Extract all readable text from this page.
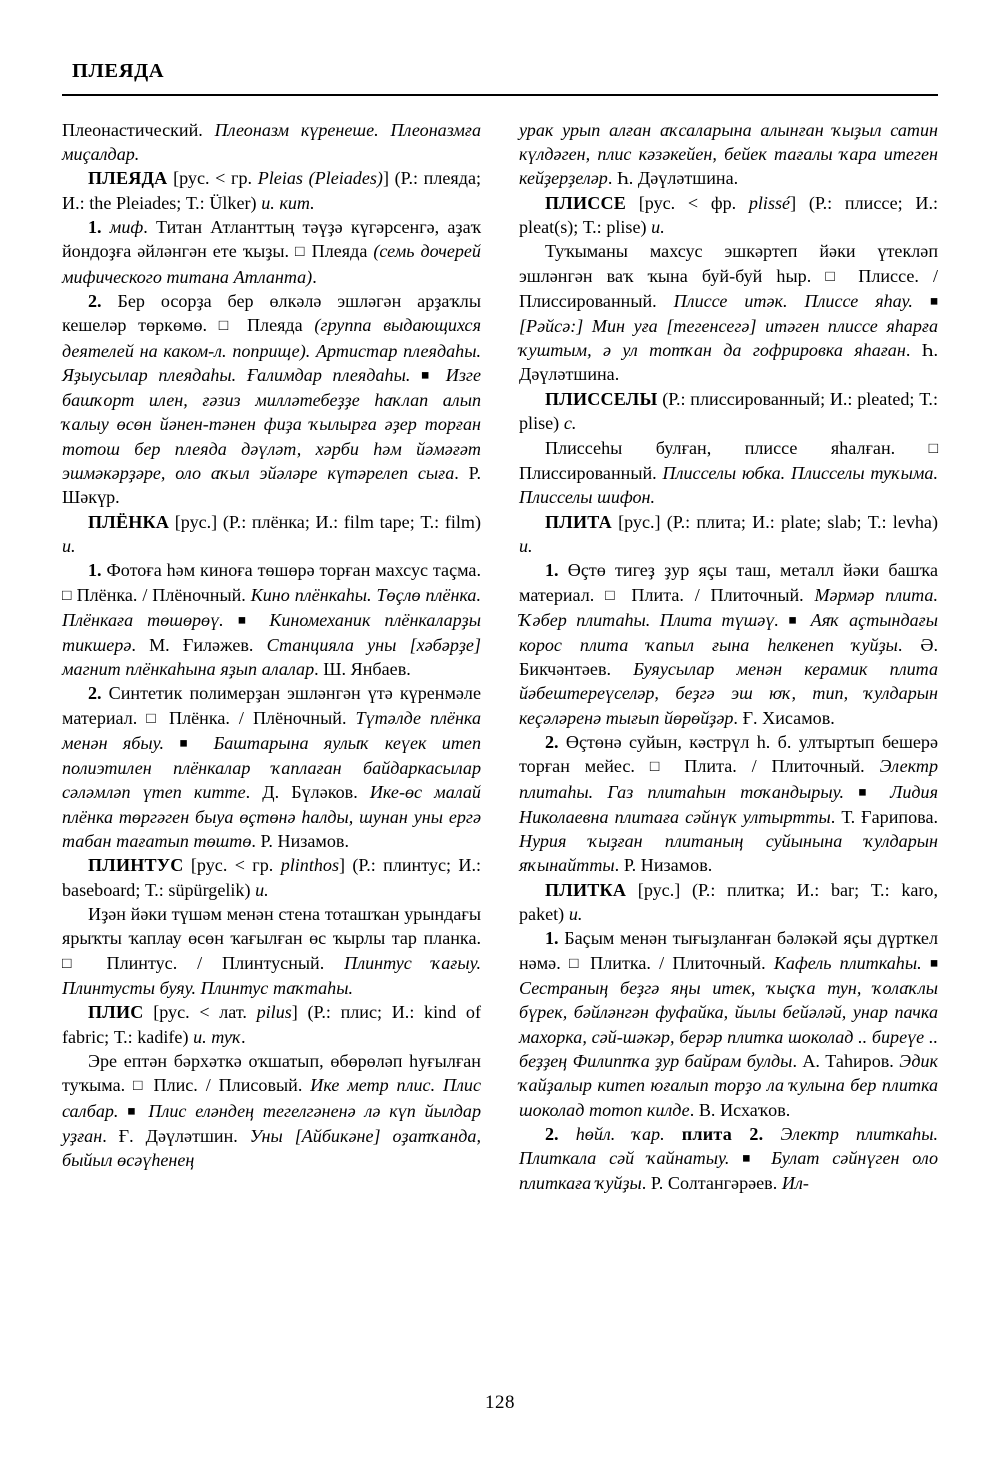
ПЛЕЯДА

Плеонастический. Плеоназм күренеше. Плеоназмға миçалдар.

ПЛЕЯДА [рус. < гр. Pleias (Pleiades)] (Р.: плеяда; И.: the Pleiades; Т.: Ülker) и. кит.

1. миф. Титан Атланттың тәүҙә күгәрсенгә, аҙаҡ йондоҙға әйләнгән ете ҡыҙы. □ Плеяда (семь дочерей мифического титана Атланта).

2. Бер осорҙа бер өлкәлә эшләгән арҙаҡлы кешеләр төркөмө. □ Плеяда (группа выдающихся деятелей на каком-л. поприще). Артистар плеядаһы. Яҙыусылар плеядаһы. Ғалимдар плеядаһы. ■ Изге башҡорт илен, ғәзиз милләтебеҙҙе һаҡлап алып ҡалыу өсөн йәнен-тәнен фиҙа ҡылырға әҙер торған тотош бер плеяда дәүләт, хәрби һәм йәмәғәт эшмәкәрҙәре, оло аҡыл эйәләре күтәрелеп сыға. Р. Шәкүр.

ПЛЁНКА [рус.] (Р.: плёнка; И.: film tape; Т.: film) и.

1. Фотоға һәм киноға төшөрә торған махсус таçма. □ Плёнка. / Плёночный. Кино плёнкаһы. Төçлө плёнка. Плёнкаға төшөрөү. ■ Киномеханик плёнкаларҙы тикшерә. М. Ғиләжев. Станцияла уны [хәбәрҙе] магнит плёнкаһына яҙып алалар. Ш. Янбаев.

2. Синтетик полимерҙан эшләнгән үтә күренмәле материал. □ Плёнка. / Плёночный. Түтәлде плёнка менән ябыу. ■ Баштарына яулыҡ кеүек итеп полиэтилен плёнкалар ҡаплаған байдаркасылар сәләмләп үтеп китте. Д. Бүләков. Ике-өс малай плёнка төргәген быуа өçтөнә һалды, шунан уны ергә табан тағатып төштө. Р. Низамов.

ПЛИНТУС [рус. < гр. plinthos] (Р.: плинтус; И.: baseboard; Т.: süpürgelik) и.

Иҙән йәки түшәм менән стена тоташҡан урындағы ярыҡты ҡаплау өсөн ҡағылған өс ҡырлы тар планка. □ Плинтус. / Плинтусный. Плинтус ҡағыу. Плинтусты буяу. Плинтус таҡтаһы.

ПЛИС [рус. < лат. pilus] (Р.: плис; И.: kind of fabric; Т.: kadife) и. туҡ.

Эре ептән бәрхәткә оҡшатып, өбөрөләп һуғылған туҡыма. □ Плис. / Плисовый. Ике метр плис. Плис салбар. ■ Плис еләндең тегелгәненә лә күп йылдар уҙған. Ғ. Дәүләтшин. Уны [Айбикәне] оҙатҡанда, быйыл өсәүһенең

урак урып алған аҡсаларына алынған ҡыҙыл сатин күлдәген, плис кәзәкейен, бейек тағалы ҡара итеген кейҙерҙеләр. Һ. Дәүләтшина.

ПЛИССЕ [рус. < фр. plissé] (Р.: плиссе; И.: pleat(s); Т.: plise) и.

Туҡыманы махсус эшкәртеп йәки үтекләп эшләнгән ваҡ ҡына буй-буй һыр. □ Плиссе. / Плиссированный. Плиссе итәк. Плиссе яһау. ■ [Рәйсә:] Мин уға [тегенсегә] итәген плиссе яһарға ҡуштым, ә ул тотҡан да гофрировка яһаған. Һ. Дәүләтшина.

ПЛИССЕЛЫ (Р.: плиссированный; И.: pleated; Т.: plise) с.

Плиссеһы булған, плиссе яһалған. □ Плиссированный. Плисселы юбка. Плисселы туҡыма. Плисселы шифон.

ПЛИТА [рус.] (Р.: плита; И.: plate; slab; Т.: levha) и.

1. Өçтө тигеҙ ҙур яçы таш, металл йәки башҡа материал. □ Плита. / Плиточный. Мәрмәр плита. Ҡәбер плитаһы. Плита түшәү. ■ Аяҡ аçтындағы корос плита ҡапыл ғына һелкенеп ҡуйҙы. Ә. Бикчәнтәев. Буяусылар менән керамик плита йәбештереүселәр, беҙгә эш юҡ, тип, ҡулдарын кеçәләренә тығып йөрөйҙәр. Ғ. Хисамов.

2. Өçтөнә суйын, кәстрүл һ. б. ултыртып бешерә торған мейес. □ Плита. / Плиточный. Электр плитаһы. Газ плитаһын тоҡандырыу. ■ Лидия Николаевна плитаға сәйнүк ултыртты. Т. Ғарипова. Нурия ҡыҙған плитаның суйынына ҡулдарын яҡынайтты. Р. Низамов.

ПЛИТКА [рус.] (Р.: плитка; И.: bar; Т.: karo, paket) и.

1. Баçым менән тығыҙланған бәләкәй яçы дүрткел нәмә. □ Плитка. / Плиточный. Кафель плиткаһы. ■ Сестраның беҙгә яңы итек, ҡыçҡа тун, ҡолаҡлы бүрек, бәйләнгән фуфайка, йылы бейәләй, унар пачка махорка, сәй-шәкәр, берәр плитка шоколад .. биреүе .. беҙҙең Филиппҡа ҙур байрам булды. А. Таһиров. Эдик ҡайҙалыр китеп юғалып торҙо ла ҡулына бер плитка шоколад тотоп килде. В. Исхаҡов.

2. һөйл. ҡар. плита 2. Электр плиткаһы. Плиткала сәй ҡайнатыу. ■ Булат сәйнүген оло плиткаға ҡуйҙы. Р. Солтангәрәев. Ил-

128
